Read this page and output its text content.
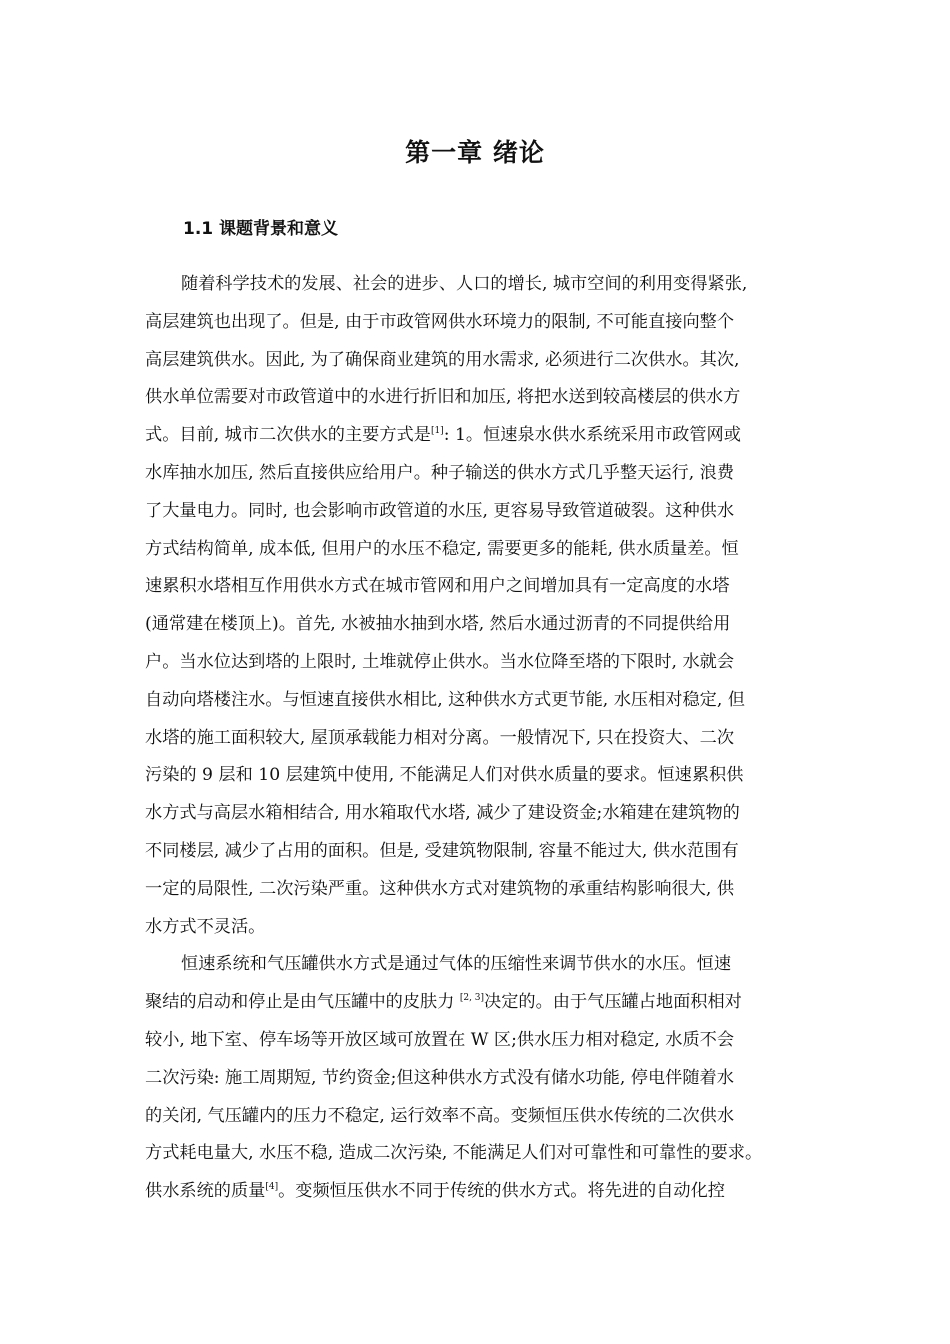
第一章 绪论
1.1 课题背景和意义
随着科学技术的发展、社会的进步、人口的增长, 城市空间的利用变得紧张,
高层建筑也出现了。但是, 由于市政管网供水环境力的限制, 不可能直接向整个
高层建筑供水。因此, 为了确保商业建筑的用水需求, 必须进行二次供水。其次,
供水单位需要对市政管道中的水进行折旧和加压, 将把水送到较高楼层的供水方
式。目前, 城市二次供水的主要方式是[1]: 1。恒速泉水供水系统采用市政管网或
水库抽水加压, 然后直接供应给用户。种子输送的供水方式几乎整天运行, 浪费
了大量电力。同时, 也会影响市政管道的水压, 更容易导致管道破裂。这种供水
方式结构简单, 成本低, 但用户的水压不稳定, 需要更多的能耗, 供水质量差。恒
速累积水塔相互作用供水方式在城市管网和用户之间增加具有一定高度的水塔
(通常建在楼顶上)。首先, 水被抽水抽到水塔, 然后水通过沥青的不同提供给用
户。当水位达到塔的上限时, 土堆就停止供水。当水位降至塔的下限时, 水就会
自动向塔楼注水。与恒速直接供水相比, 这种供水方式更节能, 水压相对稳定, 但
水塔的施工面积较大, 屋顶承载能力相对分离。一般情况下, 只在投资大、二次
污染的 9 层和 10 层建筑中使用, 不能满足人们对供水质量的要求。恒速累积供
水方式与高层水箱相结合, 用水箱取代水塔, 减少了建设资金;水箱建在建筑物的
不同楼层, 减少了占用的面积。但是, 受建筑物限制, 容量不能过大, 供水范围有
一定的局限性, 二次污染严重。这种供水方式对建筑物的承重结构影响很大, 供
水方式不灵活。
恒速系统和气压罐供水方式是通过气体的压缩性来调节供水的水压。恒速
聚结的启动和停止是由气压罐中的皮肤力 [2, 3]决定的。由于气压罐占地面积相对
较小, 地下室、停车场等开放区域可放置在 W 区;供水压力相对稳定, 水质不会
二次污染: 施工周期短, 节约资金;但这种供水方式没有储水功能, 停电伴随着水
的关闭, 气压罐内的压力不稳定, 运行效率不高。变频恒压供水传统的二次供水
方式耗电量大, 水压不稳, 造成二次污染, 不能满足人们对可靠性和可靠性的要求。
供水系统的质量[4]。变频恒压供水不同于传统的供水方式。将先进的自动化控
